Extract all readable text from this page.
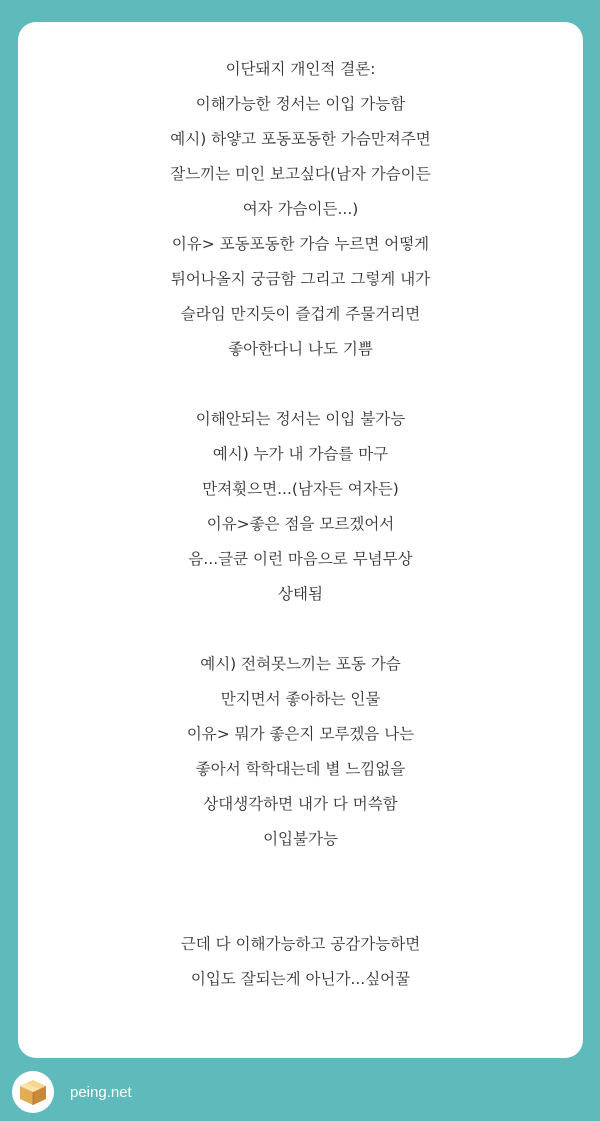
이단돼지 개인적 결론:
이해가능한 정서는 이입 가능함
예시) 하얗고 포동포동한 가슴만져주면
잘느끼는 미인 보고싶다(남자 가슴이든
여자 가슴이든...)
이유> 포동포동한 가슴 누르면 어떻게
튀어나올지 궁금함 그리고 그렇게 내가
슬라임 만지듯이 즐겁게 주물거리면
좋아한다니 나도 기쁨
이해안되는 정서는 이입 불가능
예시) 누가 내 가슴를 마구
만져휫으면...(남자든 여자든)
이유>좋은 점을 모르겠어서
음...글쿤 이런 마음으로 무념무상
상태됨
예시) 전혀못느끼는 포동 가슴
만지면서 좋아하는 인물
이유> 뭐가 좋은지 모루겠음 나는
좋아서 학학대는데 별 느낌없을
상대생각하면 내가 다 머쓱함
이입불가능
근데 다 이해가능하고 공감가능하면
이입도 잘되는게 아닌가...싶어꿀
peing.net
